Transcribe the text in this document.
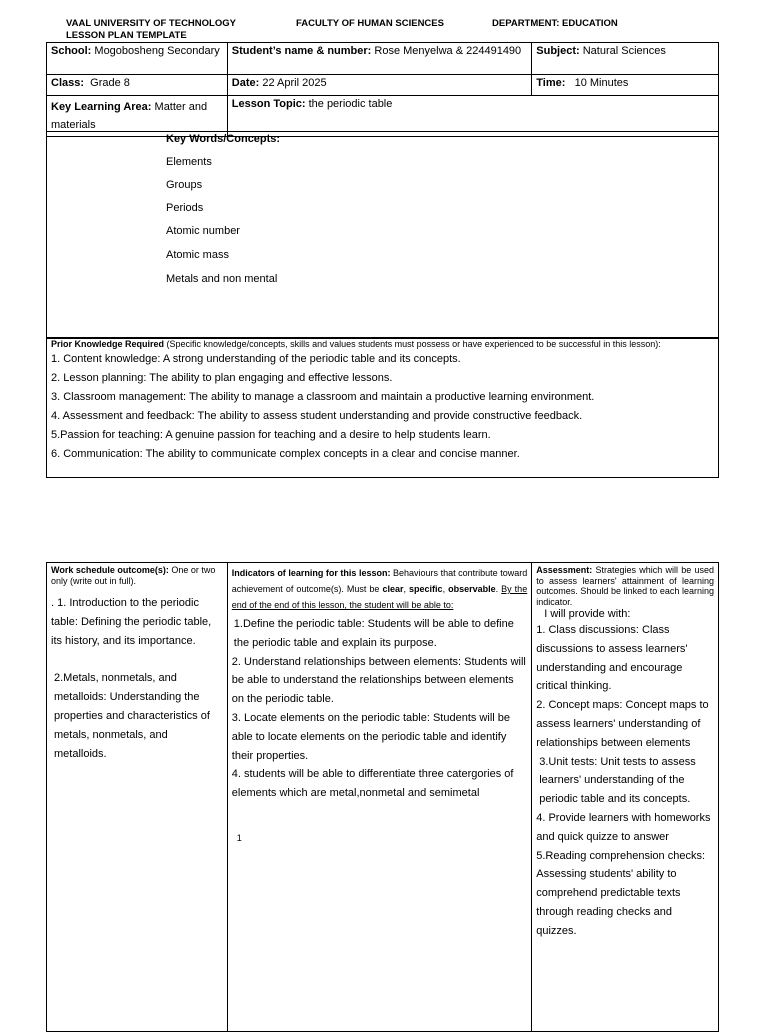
VAAL UNIVERSITY OF TECHNOLOGY
LESSON PLAN TEMPLATE
FACULTY OF HUMAN SCIENCES	DEPARTMENT: EDUCATION
School: Mogobosheng Secondary	Student’s name & number: Rose Menyelwa & 224491490	Subject: Natural Sciences
Class: Grade 8	Date: 22 April 2025	Time: 10 Minutes
Key Learning Area: Matter and
materials	Lesson Topic: the periodic table	
Key Words/Concepts:
Elements
Groups
Periods
Atomic number
Atomic mass
Metals and non mental
Prior Knowledge Required (Specific knowledge/concepts, skills and values students must possess or have experienced to be successful in this lesson):
1. Content knowledge: A strong understanding of the periodic table and its concepts.
2. Lesson planning: The ability to plan engaging and effective lessons.
3. Classroom management: The ability to manage a classroom and maintain a productive learning environment.
4. Assessment and feedback: The ability to assess student understanding and provide constructive feedback.
5.Passion for teaching: A genuine passion for teaching and a desire to help students learn.
6. Communication: The ability to communicate complex concepts in a clear and concise manner.
Work schedule outcome(s): One or two only (write out in full).
. 1. Introduction to the periodic table: Defining the periodic table, its history, and its importance.
2.Metals, nonmetals, and metalloids: Understanding the properties and characteristics of metals, nonmetals, and metalloids.

Indicators of learning for this lesson: Behaviours that contribute toward achievement of outcome(s). Must be clear, specific, observable. By the end of the end of this lesson, the student will be able to:
1.Define the periodic table: Students will be able to define the periodic table and explain its purpose.
2. Understand relationships between elements: Students will be able to understand the relationships between elements on the periodic table.
3. Locate elements on the periodic table: Students will be able to locate elements on the periodic table and identify their properties.
4. students will be able to differentiate three catergories of elements which are metal,nonmetal and semimetal
1

Assessment: Strategies which will be used to assess learners' attainment of learning outcomes. Should be linked to each learning indicator.
I will provide with:
1. Class discussions: Class discussions to assess learners' understanding and encourage critical thinking.
2. Concept maps: Concept maps to assess learners' understanding of relationships between elements
3.Unit tests: Unit tests to assess learners' understanding of the periodic table and its concepts.
4. Provide learners with homeworks and quick quizze to answer
5.Reading comprehension checks: Assessing students' ability to comprehend predictable texts through reading checks and quizzes.
